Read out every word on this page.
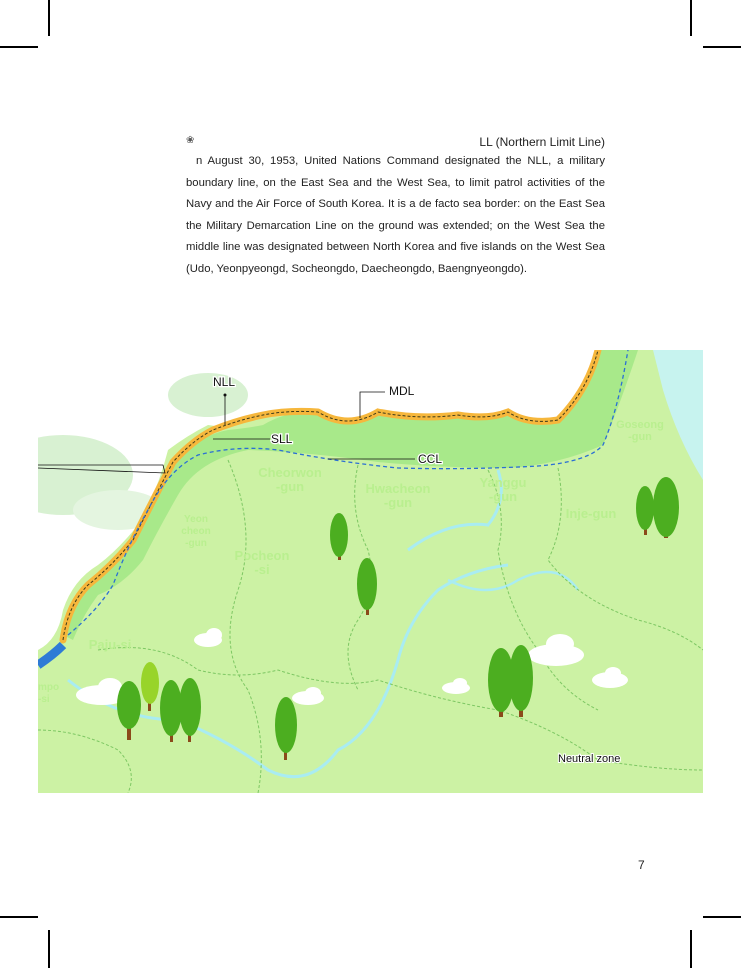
❀	LL (Northern Limit Line)

n August 30, 1953, United Nations Command designated the NLL, a military boundary line, on the East Sea and the West Sea, to limit patrol activities of the Navy and the Air Force of South Korea. It is a de facto sea border: on the East Sea the Military Demarcation Line on the ground was extended; on the West Sea the middle line was designated between North Korea and five islands on the West Sea (Udo, Yeonpyeongd, Socheongdo, Daecheongdo, Baengnyeongdo).

Cheorwon -gun	Hwacheon -gun
Yanggu -gun
Inje-gun
Goseong -gun
Yeon cheon -gun
Pocheon -si
Paju-si
mpo -si
NLL
MDL
SLL
CCL
Neutral zone
7
